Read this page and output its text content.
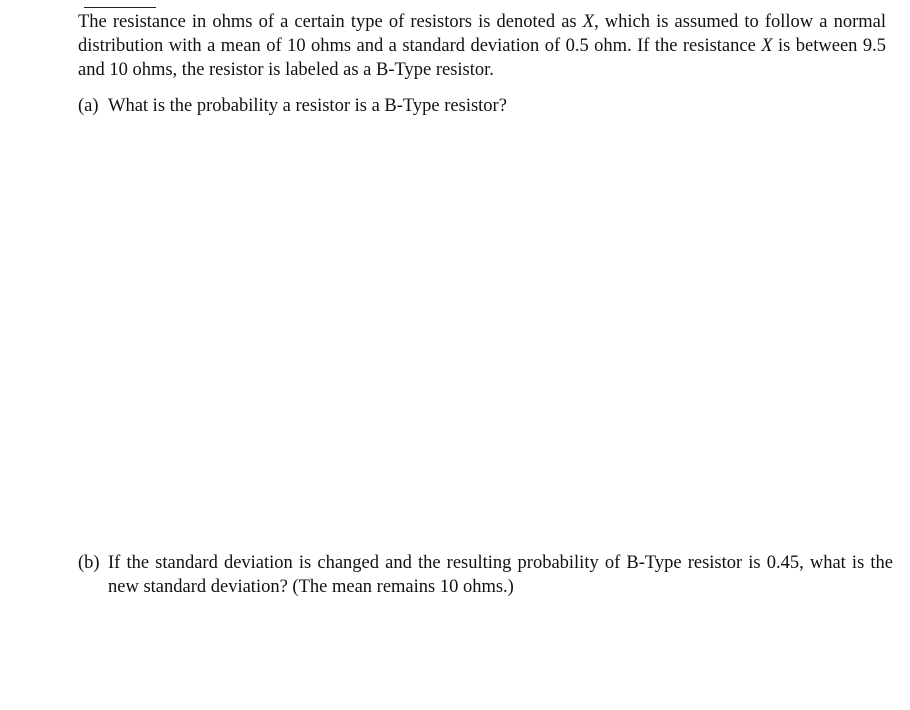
The resistance in ohms of a certain type of resistors is denoted as X, which is assumed to follow a normal distribution with a mean of 10 ohms and a standard deviation of 0.5 ohm. If the resistance X is between 9.5 and 10 ohms, the resistor is labeled as a B-Type resistor.

(a) What is the probability a resistor is a B-Type resistor?
(b) If the standard deviation is changed and the resulting probability of B-Type resistor is 0.45, what is the new standard deviation? (The mean remains 10 ohms.)
